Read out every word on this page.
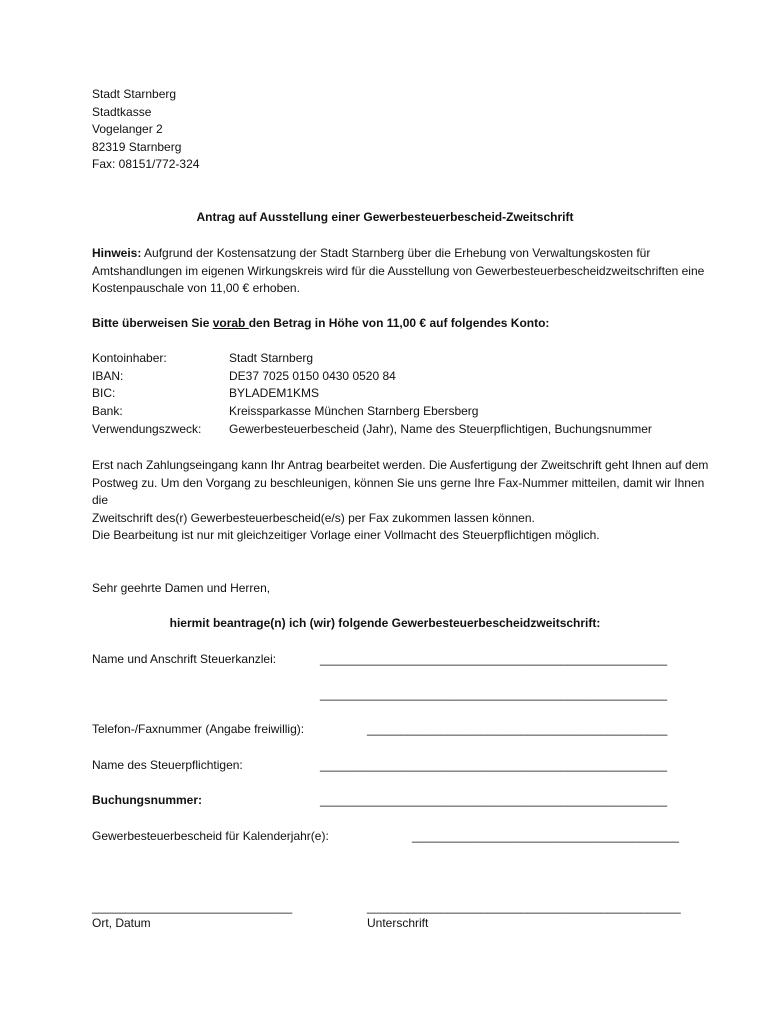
Stadt Starnberg
Stadtkasse
Vogelanger 2
82319 Starnberg
Fax: 08151/772-324
Antrag auf Ausstellung einer Gewerbesteuerbescheid-Zweitschrift
Hinweis: Aufgrund der Kostensatzung der Stadt Starnberg über die Erhebung von Verwaltungskosten für
Amtshandlungen im eigenen Wirkungskreis wird für die Ausstellung von Gewerbesteuerbescheidzweitschriften eine
Kostenpauschale von 11,00 € erhoben.
Bitte überweisen Sie vorab den Betrag in Höhe von 11,00 € auf folgendes Konto:
Kontoinhaber:	Stadt Starnberg
IBAN:	DE37 7025 0150 0430 0520 84
BIC:	BYLADEM1KMS
Bank:	Kreissparkasse München Starnberg Ebersberg
Verwendungszweck: Gewerbesteuerbescheid (Jahr), Name des Steuerpflichtigen, Buchungsnummer
Erst nach Zahlungseingang kann Ihr Antrag bearbeitet werden. Die Ausfertigung der Zweitschrift geht Ihnen auf dem
Postweg zu. Um den Vorgang zu beschleunigen, können Sie uns gerne Ihre Fax-Nummer mitteilen, damit wir Ihnen die
Zweitschrift des(r) Gewerbesteuerbescheid(e/s) per Fax zukommen lassen können.
Die Bearbeitung ist nur mit gleichzeitiger Vorlage einer Vollmacht des Steuerpflichtigen möglich.
Sehr geehrte Damen und Herren,
hiermit beantrage(n) ich (wir) folgende Gewerbesteuerbescheidzweitschrift:
Name und Anschrift Steuerkanzlei:	____________________________________________________
____________________________________________________
Telefon-/Faxnummer (Angabe freiwillig):	_____________________________________________
Name des Steuerpflichtigen:	____________________________________________________
Buchungsnummer:	____________________________________________________
Gewerbesteuerbescheid für Kalenderjahr(e):	________________________________________
______________________________	_______________________________________________
Ort, Datum	Unterschrift
